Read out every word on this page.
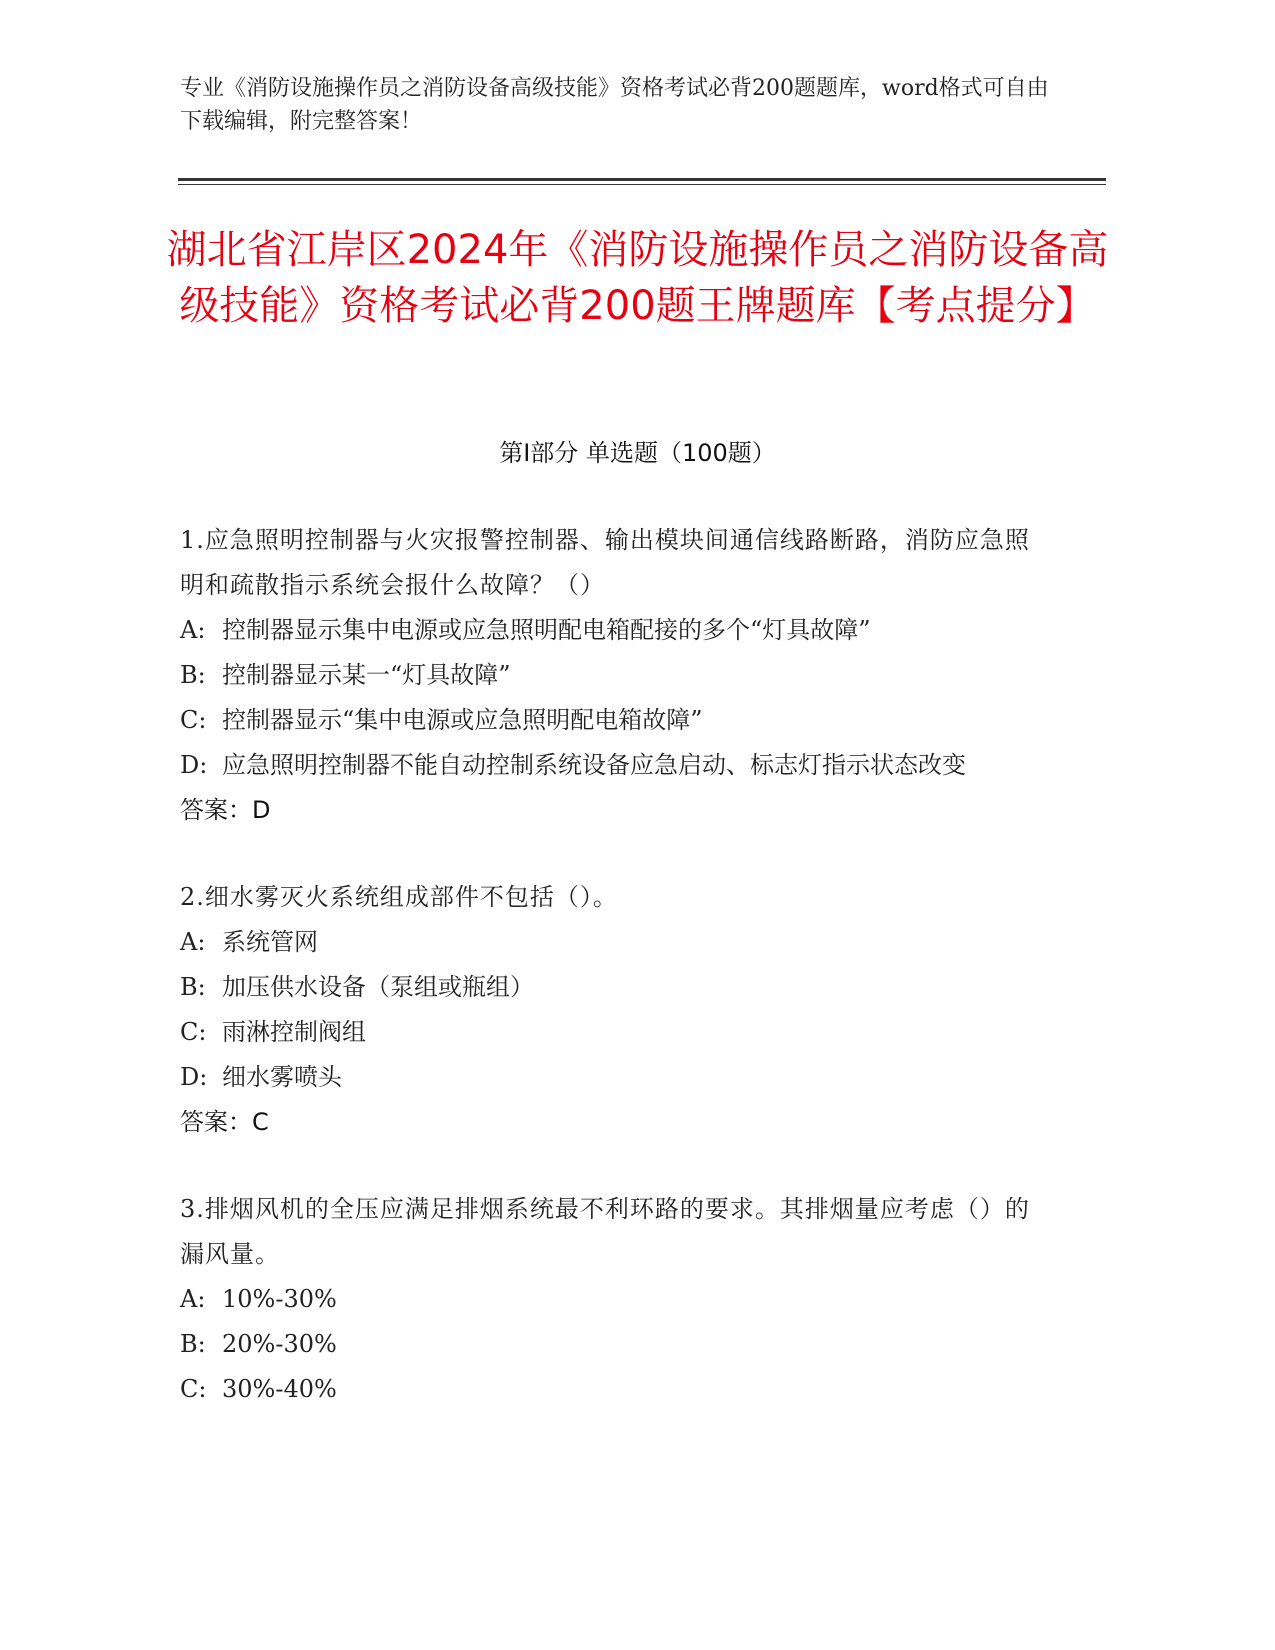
专业《消防设施操作员之消防设备高级技能》资格考试必背200题题库，word格式可自由下载编辑，附完整答案！
湖北省江岸区2024年《消防设施操作员之消防设备高级技能》资格考试必背200题王牌题库【考点提分】
第I部分 单选题（100题）
1.应急照明控制器与火灾报警控制器、输出模块间通信线路断路，消防应急照明和疏散指示系统会报什么故障？（）
A: 控制器显示集中电源或应急照明配电箱配接的多个“灯具故障”
B: 控制器显示某一“灯具故障”
C: 控制器显示“集中电源或应急照明配电箱故障”
D: 应急照明控制器不能自动控制系统设备应急启动、标志灯指示状态改变
答案：D
2.细水雾灭火系统组成部件不包括（）。
A: 系统管网
B: 加压供水设备（泵组或瓶组）
C: 雨淋控制阀组
D: 细水雾喷头
答案：C
3.排烟风机的全压应满足排烟系统最不利环路的要求。其排烟量应考虑（）的漏风量。
A: 10%-30%
B: 20%-30%
C: 30%-40%
